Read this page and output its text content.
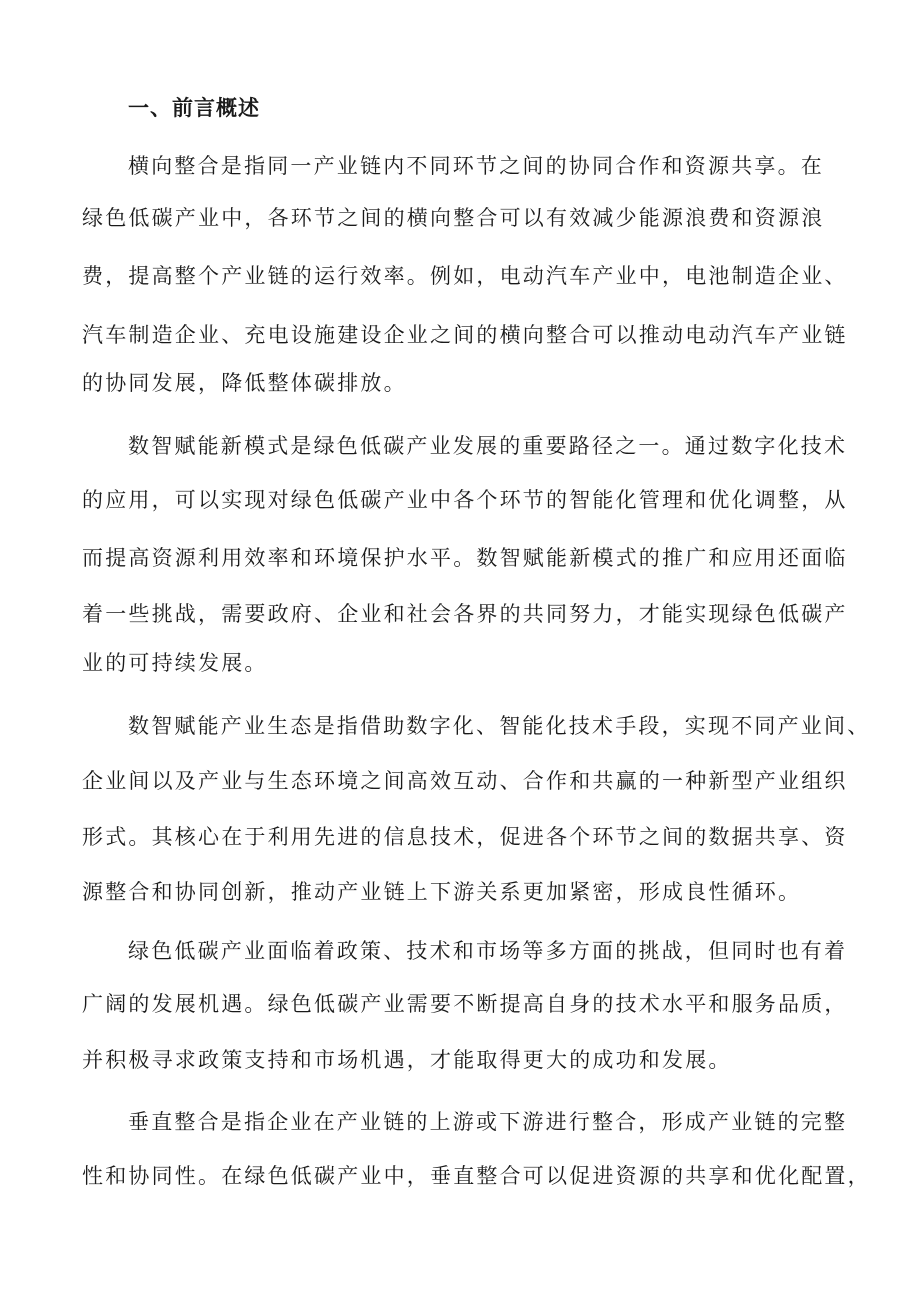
一、前言概述
横向整合是指同一产业链内不同环节之间的协同合作和资源共享。在
绿色低碳产业中，各环节之间的横向整合可以有效减少能源浪费和资源浪
费，提高整个产业链的运行效率。例如，电动汽车产业中，电池制造企业、
汽车制造企业、充电设施建设企业之间的横向整合可以推动电动汽车产业链
的协同发展，降低整体碳排放。
数智赋能新模式是绿色低碳产业发展的重要路径之一。通过数字化技术
的应用，可以实现对绿色低碳产业中各个环节的智能化管理和优化调整，从
而提高资源利用效率和环境保护水平。数智赋能新模式的推广和应用还面临
着一些挑战，需要政府、企业和社会各界的共同努力，才能实现绿色低碳产
业的可持续发展。
数智赋能产业生态是指借助数字化、智能化技术手段，实现不同产业间、
企业间以及产业与生态环境之间高效互动、合作和共赢的一种新型产业组织
形式。其核心在于利用先进的信息技术，促进各个环节之间的数据共享、资
源整合和协同创新，推动产业链上下游关系更加紧密，形成良性循环。
绿色低碳产业面临着政策、技术和市场等多方面的挑战，但同时也有着
广阔的发展机遇。绿色低碳产业需要不断提高自身的技术水平和服务品质，
并积极寻求政策支持和市场机遇，才能取得更大的成功和发展。
垂直整合是指企业在产业链的上游或下游进行整合，形成产业链的完整
性和协同性。在绿色低碳产业中，垂直整合可以促进资源的共享和优化配置，
